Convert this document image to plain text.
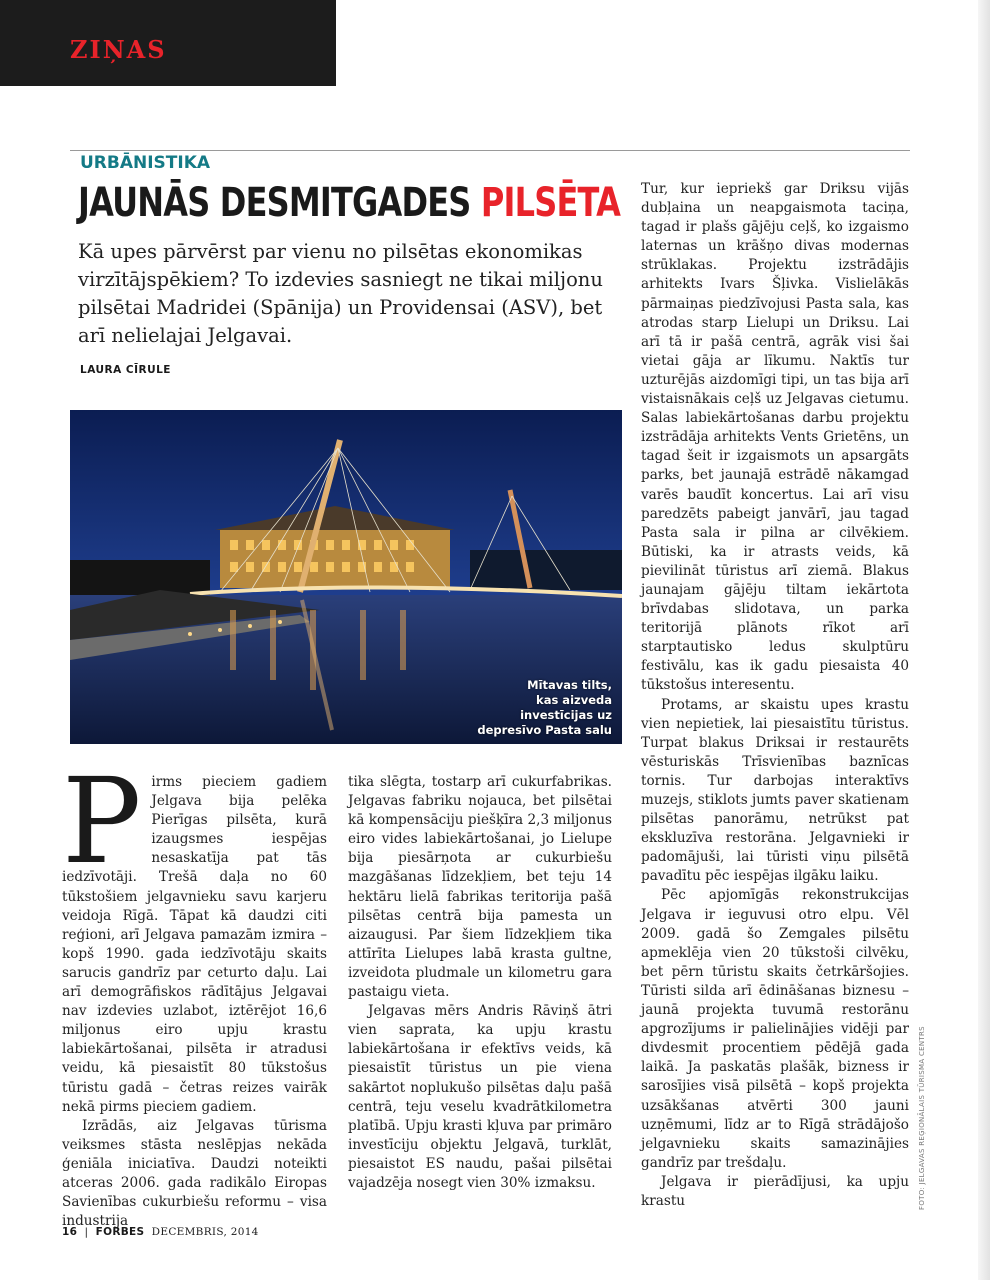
ZIŅAS
URBĀNISTIKA
JAUNĀS DESMITGADES PILSĒTA

Kā upes pārvērst par vienu no pilsētas ekonomikas virzītājspēkiem? To izdevies sasniegt ne tikai miljonu pilsētai Madridei (Spānija) un Providensai (ASV), bet arī nelielajai Jelgavai.

LAURA CĪRULE
Mītavas tilts,
kas aizveda
investīcijas uz
depresīvo Pasta salu

Pirms pieciem gadiem Jelgava bija pelēka Pierīgas pilsēta, kurā izaugsmes iespējas nesaskatīja pat tās iedzīvotāji. Trešā daļa no 60 tūkstošiem jelgavnieku savu karjeru veidoja Rīgā. Tāpat kā daudzi citi reģioni, arī Jelgava pamazām izmira – kopš 1990. gada iedzīvotāju skaits sarucis gandrīz par ceturto daļu. Lai arī demogrāfiskos rādītājus Jelgavai nav izdevies uzlabot, iztērējot 16,6 miljonus eiro upju krastu labiekārtošanai, pilsēta ir atradusi veidu, kā piesaistīt 80 tūkstošus tūristu gadā – četras reizes vairāk nekā pirms pieciem gadiem.

Izrādās, aiz Jelgavas tūrisma veiksmes stāsta neslēpjas nekāda ģeniāla iniciatīva. Daudzi noteikti atceras 2006. gada radikālo Eiropas Savienības cukurbiešu reformu – visa industrija

tika slēgta, tostarp arī cukurfabrikas. Jelgavas fabriku nojauca, bet pilsētai kā kompensāciju piešķīra 2,3 miljonus eiro vides labiekārtošanai, jo Lielupe bija piesārņota ar cukurbiešu mazgāšanas līdzekļiem, bet teju 14 hektāru lielā fabrikas teritorija pašā pilsētas centrā bija pamesta un aizaugusi. Par šiem līdzekļiem tika attīrīta Lielupes labā krasta gultne, izveidota pludmale un kilometru gara pastaigu vieta.

Jelgavas mērs Andris Rāviņš ātri vien saprata, ka upju krastu labiekārtošana ir efektīvs veids, kā piesaistīt tūristus un pie viena sakārtot noplukušo pilsētas daļu pašā centrā, teju veselu kvadrātkilometra platībā. Upju krasti kļuva par primāro investīciju objektu Jelgavā, turklāt, piesaistot ES naudu, pašai pilsētai vajadzēja nosegt vien 30% izmaksu.

Tur, kur iepriekš gar Driksu vijās dubļaina un neapgaismota taciņa, tagad ir plašs gājēju ceļš, ko izgaismo laternas un krāšņo divas modernas strūklakas. Projektu izstrādājis arhitekts Ivars Šļivka. Vislielākās pārmaiņas piedzīvojusi Pasta sala, kas atrodas starp Lielupi un Driksu. Lai arī tā ir pašā centrā, agrāk visi šai vietai gāja ar līkumu. Naktīs tur uzturējās aizdomīgi tipi, un tas bija arī vistaisnākais ceļš uz Jelgavas cietumu. Salas labiekārtošanas darbu projektu izstrādāja arhitekts Vents Grietēns, un tagad šeit ir izgaismots un apsargāts parks, bet jaunajā estrādē nākamgad varēs baudīt koncertus. Lai arī visu paredzēts pabeigt janvārī, jau tagad Pasta sala ir pilna ar cilvēkiem. Būtiski, ka ir atrasts veids, kā pievilināt tūristus arī ziemā. Blakus jaunajam gājēju tiltam iekārtota brīvdabas slidotava, un parka teritorijā plānots rīkot arī starptautisko ledus skulptūru festivālu, kas ik gadu piesaista 40 tūkstošus interesentu.

Protams, ar skaistu upes krastu vien nepietiek, lai piesaistītu tūristus. Turpat blakus Driksai ir restaurēts vēsturiskās Trīsvienības baznīcas tornis. Tur darbojas interaktīvs muzejs, stiklots jumts paver skatienam pilsētas panorāmu, netrūkst pat ekskluzīva restorāna. Jelgavnieki ir padomājuši, lai tūristi viņu pilsētā pavadītu pēc iespējas ilgāku laiku.

Pēc apjomīgās rekonstrukcijas Jelgava ir ieguvusi otro elpu. Vēl 2009. gadā šo Zemgales pilsētu apmeklēja vien 20 tūkstoši cilvēku, bet pērn tūristu skaits četrkāršojies. Tūristi silda arī ēdināšanas biznesu – jaunā projekta tuvumā restorānu apgrozījums ir palielinājies vidēji par divdesmit procentiem pēdējā gada laikā. Ja paskatās plašāk, bizness ir sarosījies visā pilsētā – kopš projekta uzsākšanas atvērti 300 jauni uzņēmumi, līdz ar to Rīgā strādājošo jelgavnieku skaits samazinājies gandrīz par trešdaļu.

Jelgava ir pierādījusi, ka upju krastu	FOTO: JELGAVAS REĢIONĀLAIS TŪRISMA CENTRS
16 | FORBES DECEMBRIS, 2014
